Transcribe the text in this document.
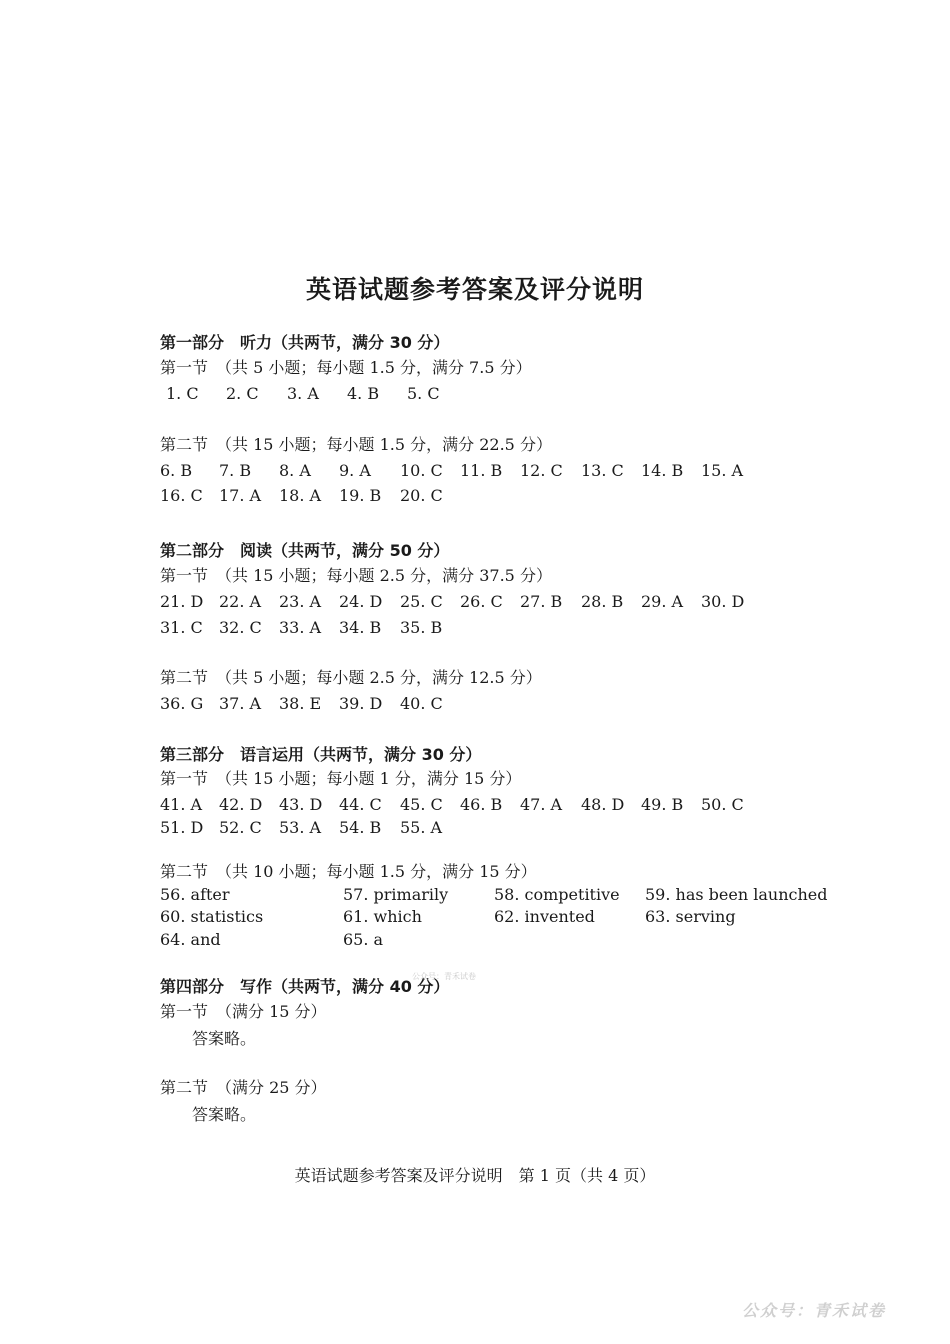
英语试题参考答案及评分说明
第一部分　听力（共两节，满分 30 分）
第一节　（共 5 小题；每小题 1.5 分，满分 7.5 分）
1. C 2. C 3. A 4. B 5. C
第二节　（共 15 小题；每小题 1.5 分，满分 22.5 分）
6. B 7. B 8. A 9. A 10. C 11. B 12. C 13. C 14. B 15. A
16. C 17. A 18. A 19. B 20. C
第二部分　阅读（共两节，满分 50 分）
第一节　（共 15 小题；每小题 2.5 分，满分 37.5 分）
21. D 22. A 23. A 24. D 25. C 26. C 27. B 28. B 29. A 30. D
31. C 32. C 33. A 34. B 35. B
第二节　（共 5 小题；每小题 2.5 分，满分 12.5 分）
36. G 37. A 38. E 39. D 40. C
第三部分　语言运用（共两节，满分 30 分）
第一节　（共 15 小题；每小题 1 分，满分 15 分）
41. A 42. D 43. D 44. C 45. C 46. B 47. A 48. D 49. B 50. C
51. D 52. C 53. A 54. B 55. A
第二节　（共 10 小题；每小题 1.5 分，满分 15 分）
56. after	57. primarily	58. competitive 59. has been launched
60. statistics	61. which	62. invented	63. serving
64. and	65. a
第四部分　写作（共两节，满分 40 分）
第一节　（满分 15 分）
答案略。
第二节　（满分 25 分）
答案略。
英语试题参考答案及评分说明　第 1 页（共 4 页）
公众号：青禾试卷
公众号：青禾试卷
